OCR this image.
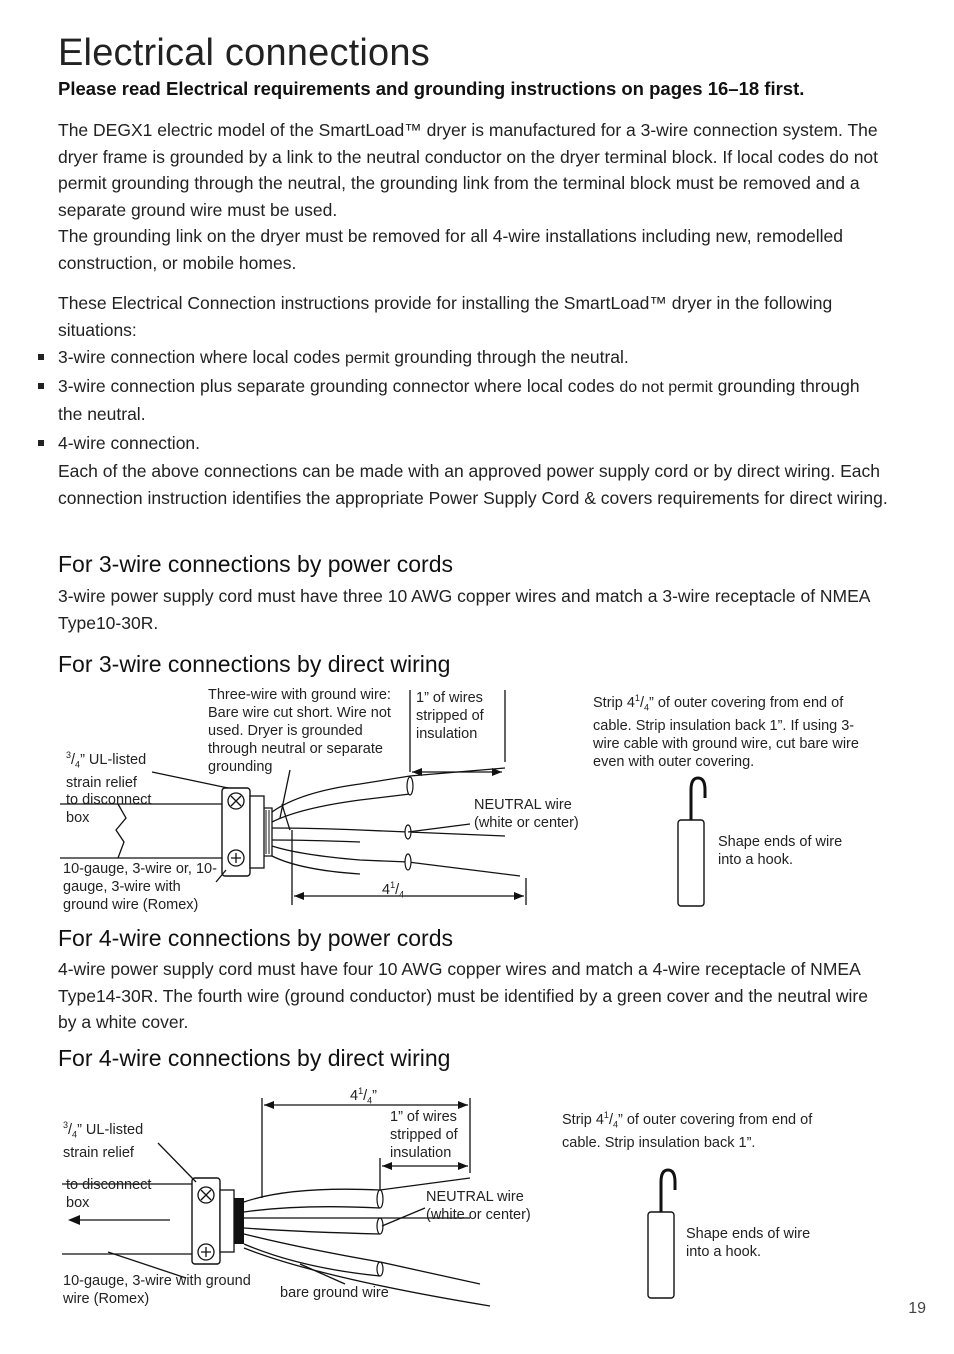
Electrical connections
Please read Electrical requirements and grounding instructions on pages 16–18 first.
The DEGX1 electric model of the SmartLoad™ dryer is manufactured for a 3-wire connection system. The dryer frame is grounded by a link to the neutral conductor on the dryer terminal block. If local codes do not permit grounding through the neutral, the grounding link from the terminal block must be removed and a separate ground wire must be used.
The grounding link on the dryer must be removed for all 4-wire installations including new, remodelled construction, or mobile homes.
These Electrical Connection instructions provide for installing the SmartLoad™ dryer in the following situations:
3-wire connection where local codes permit grounding through the neutral.
3-wire connection plus separate grounding connector where local codes do not permit grounding through the neutral.
4-wire connection.
Each of the above connections can be made with an approved power supply cord or by direct wiring. Each connection instruction identifies the appropriate Power Supply Cord & covers requirements for direct wiring.
For 3-wire connections by power cords
3-wire power supply cord must have three 10 AWG copper wires and match a 3-wire receptacle of NMEA Type10-30R.
For 3-wire connections by direct wiring
Three-wire with ground wire: Bare wire cut short. Wire not used. Dryer is grounded through neutral or separate grounding
1” of wires stripped of insulation
Strip $4^1/_4$” of outer covering from end of cable. Strip insulation back 1”. If using 3-wire cable with ground wire, cut bare wire even with outer covering.
$^3/_4$” UL-listed strain relief
to disconnect box
NEUTRAL wire (white or center)
10-gauge, 3-wire or, 10-gauge, 3-wire with ground wire (Romex)
$4^1/_4$
Shape ends of wire into a hook.
For 4-wire connections by power cords
4-wire power supply cord must have four 10 AWG copper wires and match a 4-wire receptacle of NMEA Type14-30R. The fourth wire (ground conductor) must be identified by a green cover and the neutral wire by a white cover.
For 4-wire connections by direct wiring
$4^1/_4$”
1” of wires stripped of insulation
Strip $4^1/_4$” of outer covering from end of cable. Strip insulation back 1”.
$^3/_4$” UL-listed strain relief
to disconnect box	NEUTRAL wire (white or center)
10-gauge, 3-wire with ground wire (Romex)	bare ground wire
Shape ends of wire into a hook.
19
